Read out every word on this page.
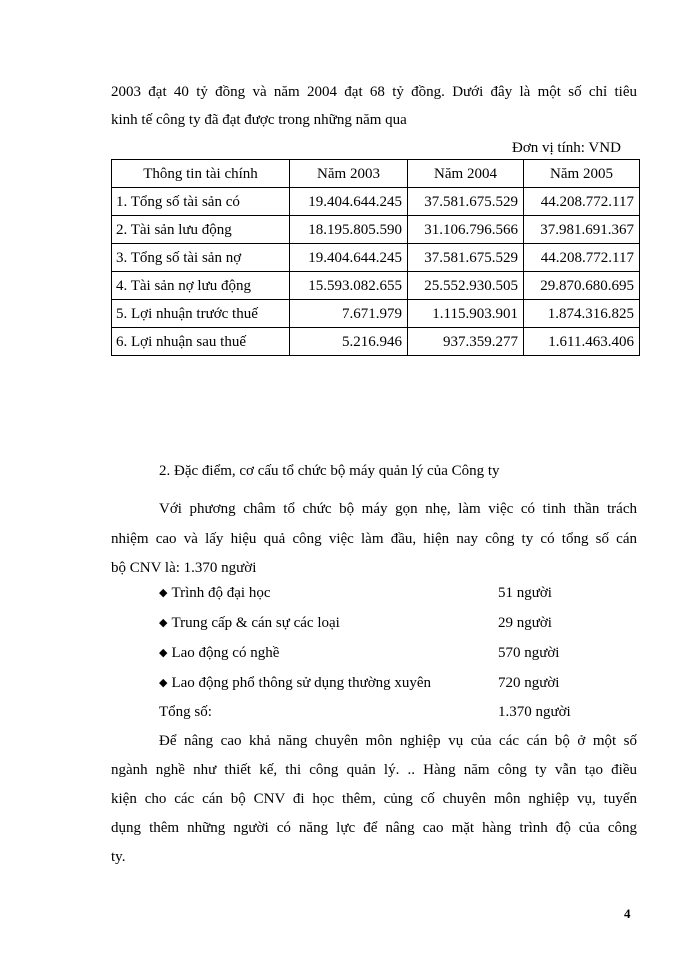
2003 đạt 40 tỷ đồng và năm 2004 đạt 68 tỷ đồng. Dưới đây là một số chỉ tiêu
kinh tế công ty đã đạt được trong những năm qua
Đơn vị tính: VND
Thông tin tài chính	Năm 2003	Năm 2004	Năm 2005
1. Tổng số tài sản có	19.404.644.245	37.581.675.529	44.208.772.117
2. Tài sản lưu động	18.195.805.590	31.106.796.566	37.981.691.367
3. Tổng số tài sản nợ	19.404.644.245	37.581.675.529	44.208.772.117
4. Tài sản nợ lưu động	15.593.082.655	25.552.930.505	29.870.680.695
5. Lợi nhuận trước thuế	7.671.979	1.115.903.901	1.874.316.825
6. Lợi nhuận sau thuế	5.216.946	937.359.277	1.611.463.406
2. Đặc điểm, cơ cấu tổ chức bộ máy quản lý của Công ty
Với phương châm tổ chức bộ máy gọn nhẹ, làm việc có tinh thần trách
nhiệm cao và lấy hiệu quả công việc làm đầu, hiện nay công ty có tổng số cán
bộ CNV là: 1.370 người
◆ Trình độ đại học	51 người
◆ Trung cấp & cán sự các loại	29 người
◆ Lao động có nghề	570 người
◆ Lao động phổ thông sử dụng thường xuyên	720 người
Tổng số:	1.370 người
Để nâng cao khả năng chuyên môn nghiệp vụ của các cán bộ ở một số
ngành nghề như thiết kế, thi công quản lý. .. Hàng năm công ty vẫn tạo điều
kiện cho các cán bộ CNV đi học thêm, củng cố chuyên môn nghiệp vụ, tuyển
dụng thêm những người có năng lực để nâng cao mặt hàng trình độ của công
ty.
4
